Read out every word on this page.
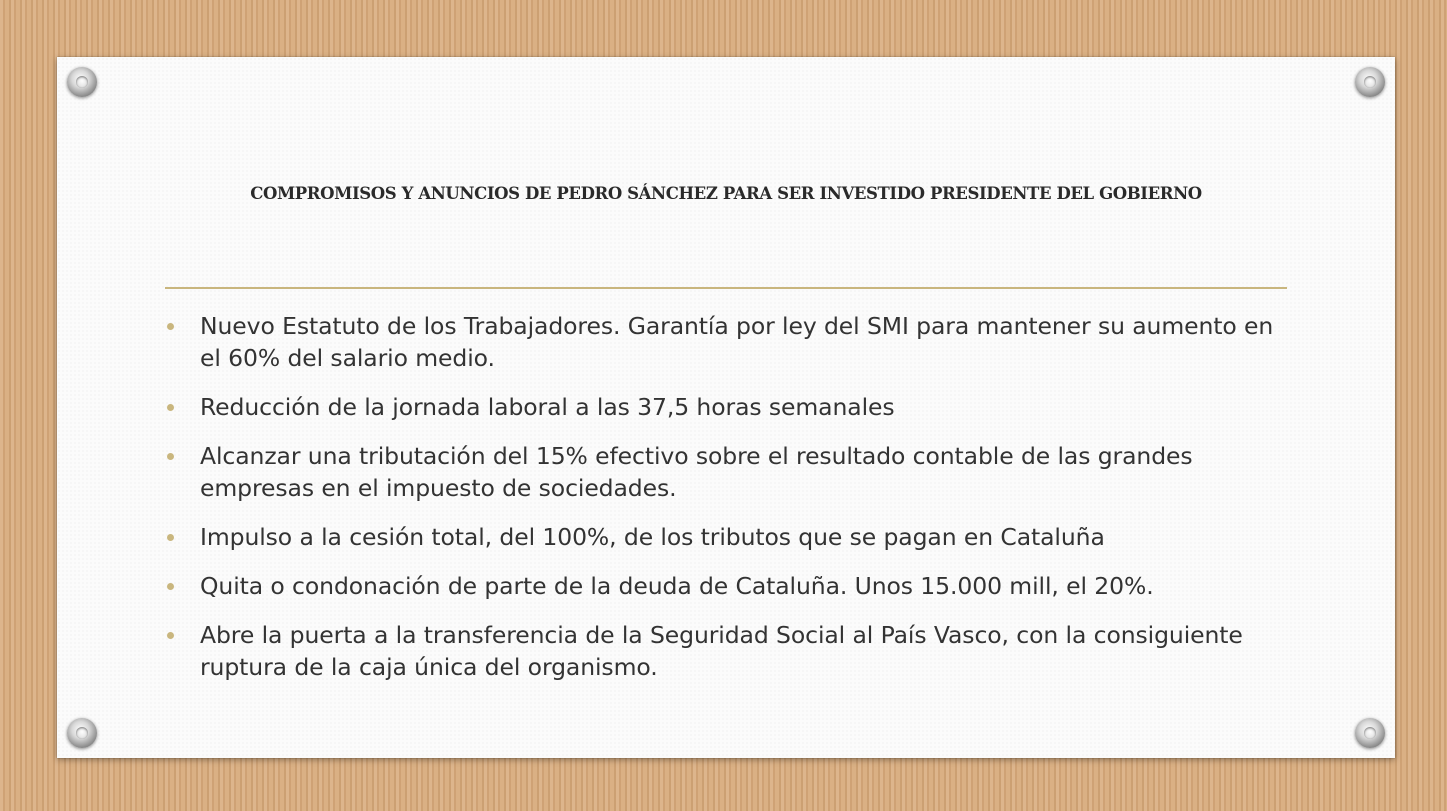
COMPROMISOS Y ANUNCIOS DE PEDRO SÁNCHEZ PARA SER INVESTIDO PRESIDENTE DEL GOBIERNO
Nuevo Estatuto de los Trabajadores. Garantía por ley del SMI para mantener su aumento en el 60% del salario medio.
Reducción de la jornada laboral a las 37,5 horas semanales
Alcanzar una tributación del 15% efectivo sobre el resultado contable de las grandes empresas en el impuesto de sociedades.
Impulso a la cesión total, del 100%, de los tributos que se pagan en Cataluña
Quita o condonación de parte de la deuda de Cataluña. Unos 15.000 mill, el 20%.
Abre la puerta a la transferencia de la Seguridad Social al País Vasco, con la consiguiente ruptura de la caja única del organismo.
